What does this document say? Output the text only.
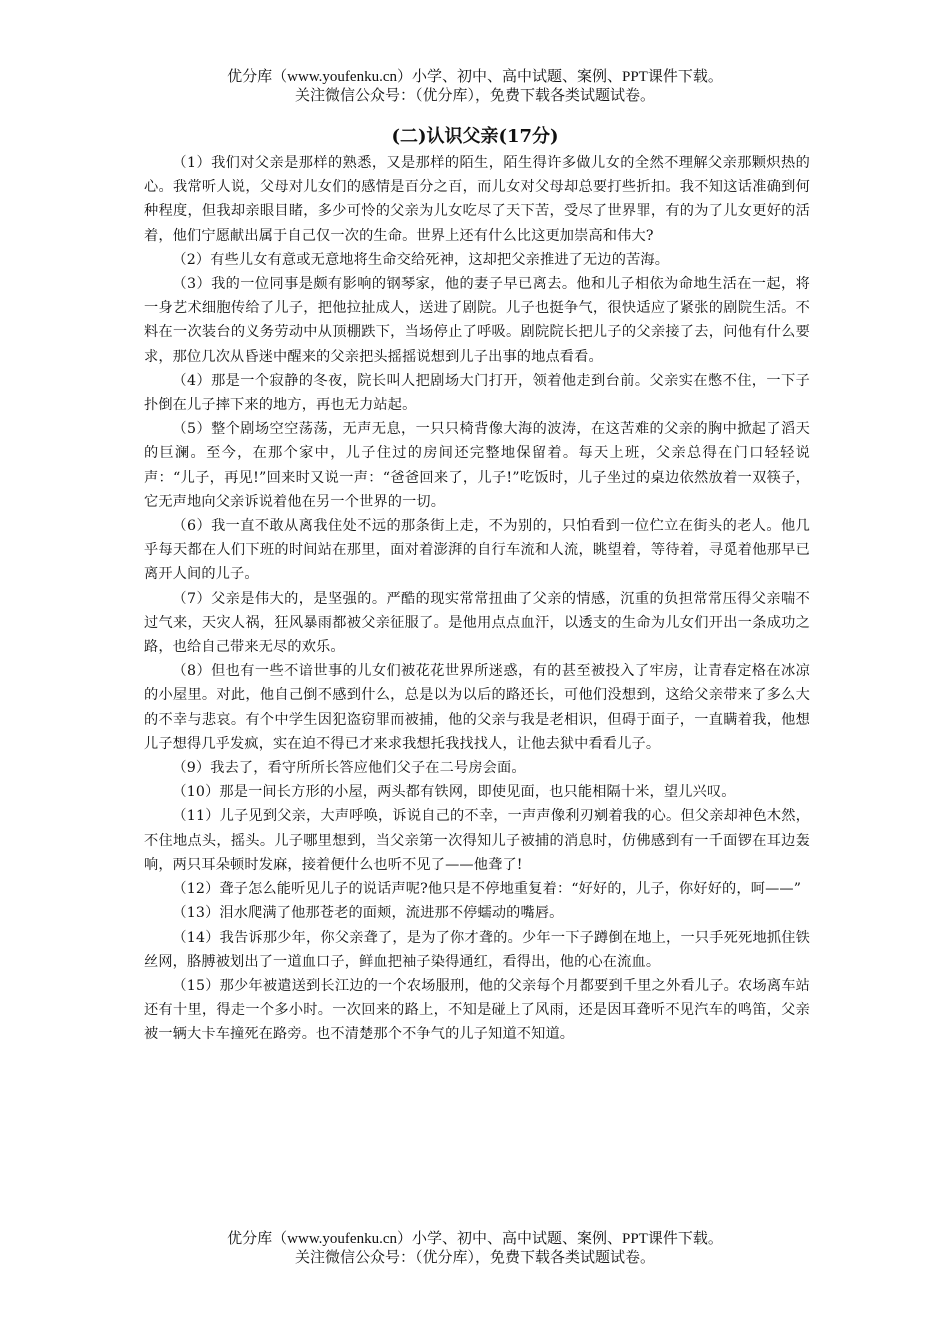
优分库（www.youfenku.cn）小学、初中、高中试题、案例、PPT课件下载。
关注微信公众号：（优分库），免费下载各类试题试卷。
(二)认识父亲(17分)

（1）我们对父亲是那样的熟悉，又是那样的陌生，陌生得许多做儿女的全然不理解父亲那颗炽热的心。我常听人说，父母对儿女们的感情是百分之百，而儿女对父母却总要打些折扣。我不知这话准确到何种程度，但我却亲眼目睹，多少可怜的父亲为儿女吃尽了天下苦，受尽了世界罪，有的为了儿女更好的活着，他们宁愿献出属于自己仅一次的生命。世界上还有什么比这更加崇高和伟大?

（2）有些儿女有意或无意地将生命交给死神，这却把父亲推进了无边的苦海。

（3）我的一位同事是颇有影响的钢琴家，他的妻子早已离去。他和儿子相依为命地生活在一起，将一身艺术细胞传给了儿子，把他拉扯成人，送进了剧院。儿子也挺争气，很快适应了紧张的剧院生活。不料在一次装台的义务劳动中从顶棚跌下，当场停止了呼吸。剧院院长把儿子的父亲接了去，问他有什么要求，那位几次从昏迷中醒来的父亲把头摇摇说想到儿子出事的地点看看。

（4）那是一个寂静的冬夜，院长叫人把剧场大门打开，领着他走到台前。父亲实在憋不住，一下子扑倒在儿子摔下来的地方，再也无力站起。

（5）整个剧场空空荡荡，无声无息，一只只椅背像大海的波涛，在这苦难的父亲的胸中掀起了滔天的巨澜。至今，在那个家中，儿子住过的房间还完整地保留着。每天上班，父亲总得在门口轻轻说声：“儿子，再见!”回来时又说一声：“爸爸回来了，儿子!”吃饭时，儿子坐过的桌边依然放着一双筷子，它无声地向父亲诉说着他在另一个世界的一切。

（6）我一直不敢从离我住处不远的那条街上走，不为别的，只怕看到一位伫立在街头的老人。他几乎每天都在人们下班的时间站在那里，面对着澎湃的自行车流和人流，眺望着，等待着，寻觅着他那早已离开人间的儿子。

（7）父亲是伟大的，是坚强的。严酷的现实常常扭曲了父亲的情感，沉重的负担常常压得父亲喘不过气来，天灾人祸，狂风暴雨都被父亲征服了。是他用点点血汗，以透支的生命为儿女们开出一条成功之路，也给自己带来无尽的欢乐。

（8）但也有一些不谙世事的儿女们被花花世界所迷惑，有的甚至被投入了牢房，让青春定格在冰凉的小屋里。对此，他自己倒不感到什么，总是以为以后的路还长，可他们没想到，这给父亲带来了多么大的不幸与悲哀。有个中学生因犯盗窃罪而被捕，他的父亲与我是老相识，但碍于面子，一直瞒着我，他想儿子想得几乎发疯，实在迫不得已才来求我想托我找找人，让他去狱中看看儿子。

（9）我去了，看守所所长答应他们父子在二号房会面。

（10）那是一间长方形的小屋，两头都有铁网，即使见面，也只能相隔十米，望儿兴叹。

（11）儿子见到父亲，大声呼唤，诉说自己的不幸，一声声像利刃剜着我的心。但父亲却神色木然，不住地点头，摇头。儿子哪里想到，当父亲第一次得知儿子被捕的消息时，仿佛感到有一千面锣在耳边轰响，两只耳朵顿时发麻，接着便什么也听不见了——他聋了!

（12）聋子怎么能听见儿子的说话声呢?他只是不停地重复着：“好好的，儿子，你好好的，呵——”

（13）泪水爬满了他那苍老的面颊，流进那不停蠕动的嘴唇。

（14）我告诉那少年，你父亲聋了，是为了你才聋的。少年一下子蹲倒在地上，一只手死死地抓住铁丝网，胳膊被划出了一道血口子，鲜血把袖子染得通红，看得出，他的心在流血。

（15）那少年被遣送到长江边的一个农场服刑，他的父亲每个月都要到千里之外看儿子。农场离车站还有十里，得走一个多小时。一次回来的路上，不知是碰上了风雨，还是因耳聋听不见汽车的鸣笛，父亲被一辆大卡车撞死在路旁。也不清楚那个不争气的儿子知道不知道。

优分库（www.youfenku.cn）小学、初中、高中试题、案例、PPT课件下载。
关注微信公众号：（优分库），免费下载各类试题试卷。
